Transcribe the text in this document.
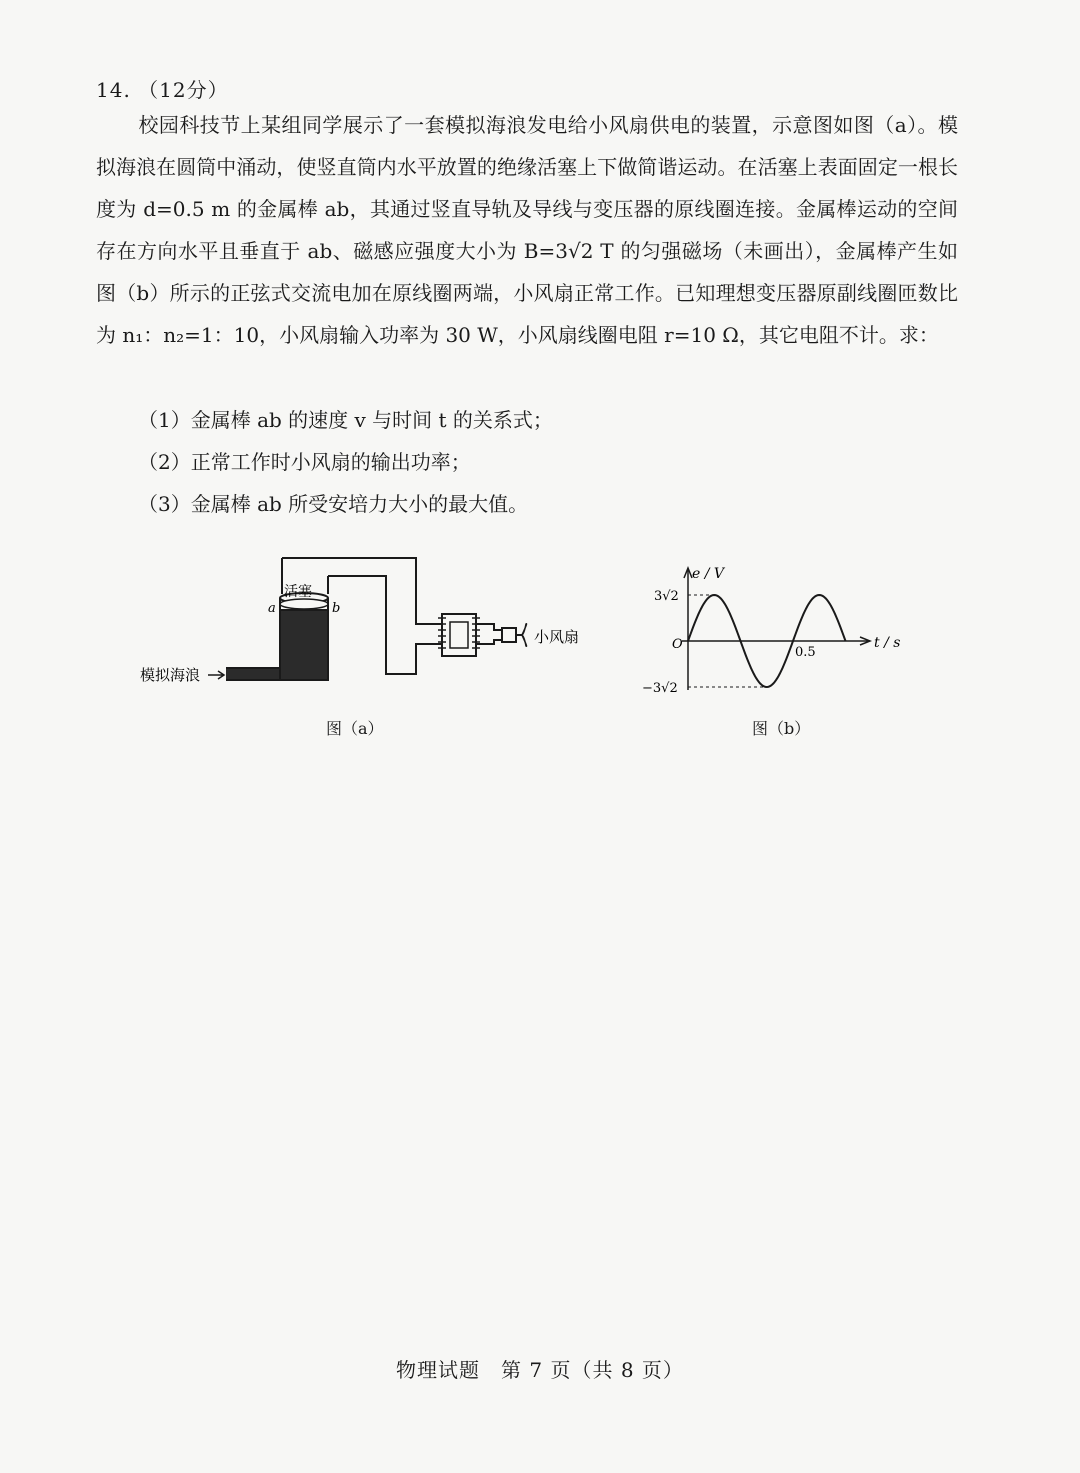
14. （12分）
校园科技节上某组同学展示了一套模拟海浪发电给小风扇供电的装置，示意图如图（a）。模拟海浪在圆筒中涌动，使竖直筒内水平放置的绝缘活塞上下做简谐运动。在活塞上表面固定一根长度为 d=0.5 m 的金属棒 ab，其通过竖直导轨及导线与变压器的原线圈连接。金属棒运动的空间存在方向水平且垂直于 ab、磁感应强度大小为 B=3√2 T 的匀强磁场（未画出），金属棒产生如图（b）所示的正弦式交流电加在原线圈两端，小风扇正常工作。已知理想变压器原副线圈匝数比为 n₁：n₂=1：10，小风扇输入功率为 30 W，小风扇线圈电阻 r=10 Ω，其它电阻不计。求：
（1）金属棒 ab 的速度 v 与时间 t 的关系式；
（2）正常工作时小风扇的输出功率；
（3）金属棒 ab 所受安培力大小的最大值。
活塞
a	b
模拟海浪
小风扇
图（a）
e / V
t / s
O
3√2
−3√2
0.5
图（b）
物理试题　第 7 页（共 8 页）
